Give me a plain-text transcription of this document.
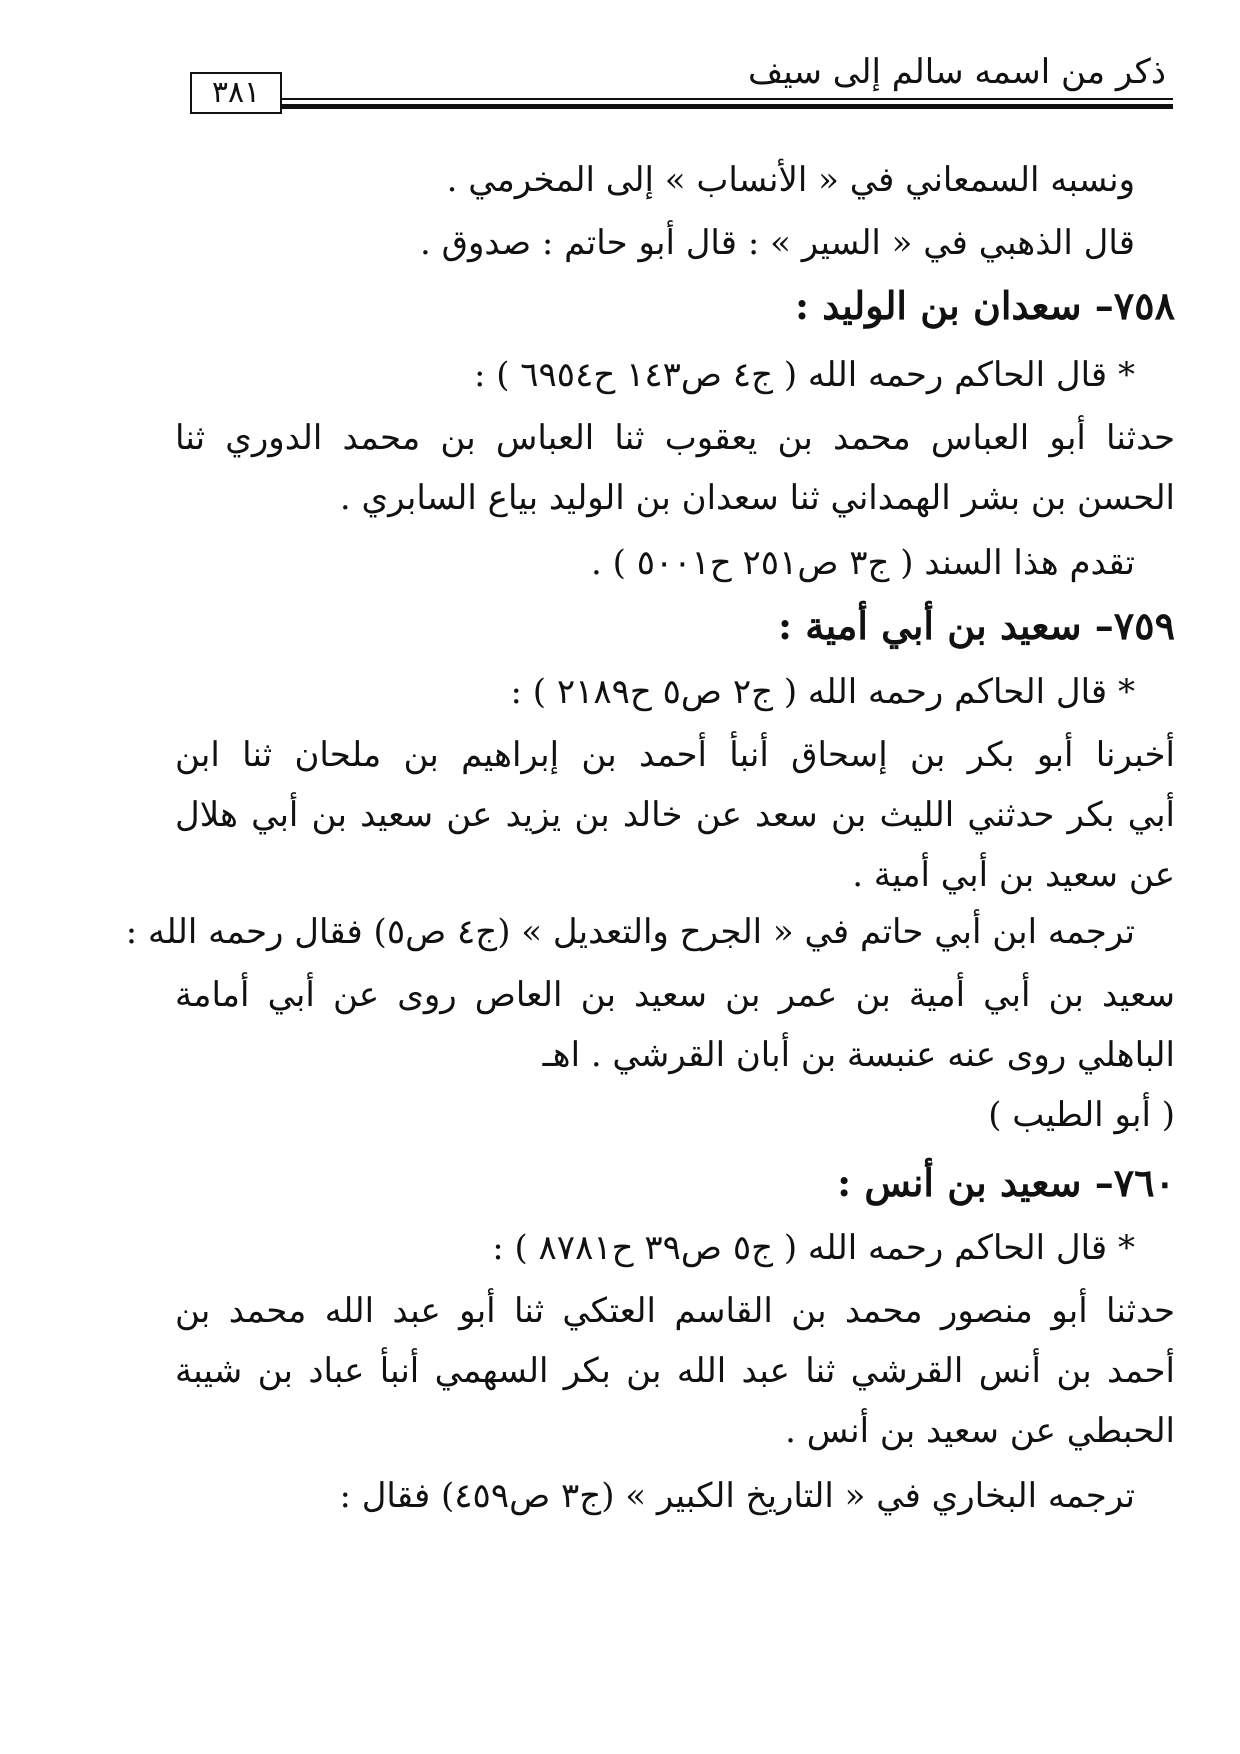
ذكر من اسمه سالم إلى سيف
٣٨١
ونسبه السمعاني في « الأنساب » إلى المخرمي .
قال الذهبي في « السير » : قال أبو حاتم : صدوق .
٧٥٨– سعدان بن الوليد :
* قال الحاكم رحمه الله ( ج٤ ص١٤٣ ح٦٩٥٤ ) :
حدثنا أبو العباس محمد بن يعقوب ثنا العباس بن محمد الدوري ثنا
الحسن بن بشر الهمداني ثنا سعدان بن الوليد بياع السابري .
تقدم هذا السند ( ج٣ ص٢٥١ ح٥٠٠١ ) .
٧٥٩– سعيد بن أبي أمية :
* قال الحاكم رحمه الله ( ج٢ ص٥ ح٢١٨٩ ) :
أخبرنا أبو بكر بن إسحاق أنبأ أحمد بن إبراهيم بن ملحان ثنا ابن
أبي بكر حدثني الليث بن سعد عن خالد بن يزيد عن سعيد بن أبي هلال
عن سعيد بن أبي أمية .
ترجمه ابن أبي حاتم في « الجرح والتعديل » (ج٤ ص٥) فقال رحمه الله :
سعيد بن أبي أمية بن عمر بن سعيد بن العاص روى عن أبي أمامة
الباهلي روى عنه عنبسة بن أبان القرشي . اهـ
( أبو الطيب )
٧٦٠– سعيد بن أنس :
* قال الحاكم رحمه الله ( ج٥ ص٣٩ ح٨٧٨١ ) :
حدثنا أبو منصور محمد بن القاسم العتكي ثنا أبو عبد الله محمد بن
أحمد بن أنس القرشي ثنا عبد الله بن بكر السهمي أنبأ عباد بن شيبة
الحبطي عن سعيد بن أنس .
ترجمه البخاري في « التاريخ الكبير » (ج٣ ص٤٥٩) فقال :
